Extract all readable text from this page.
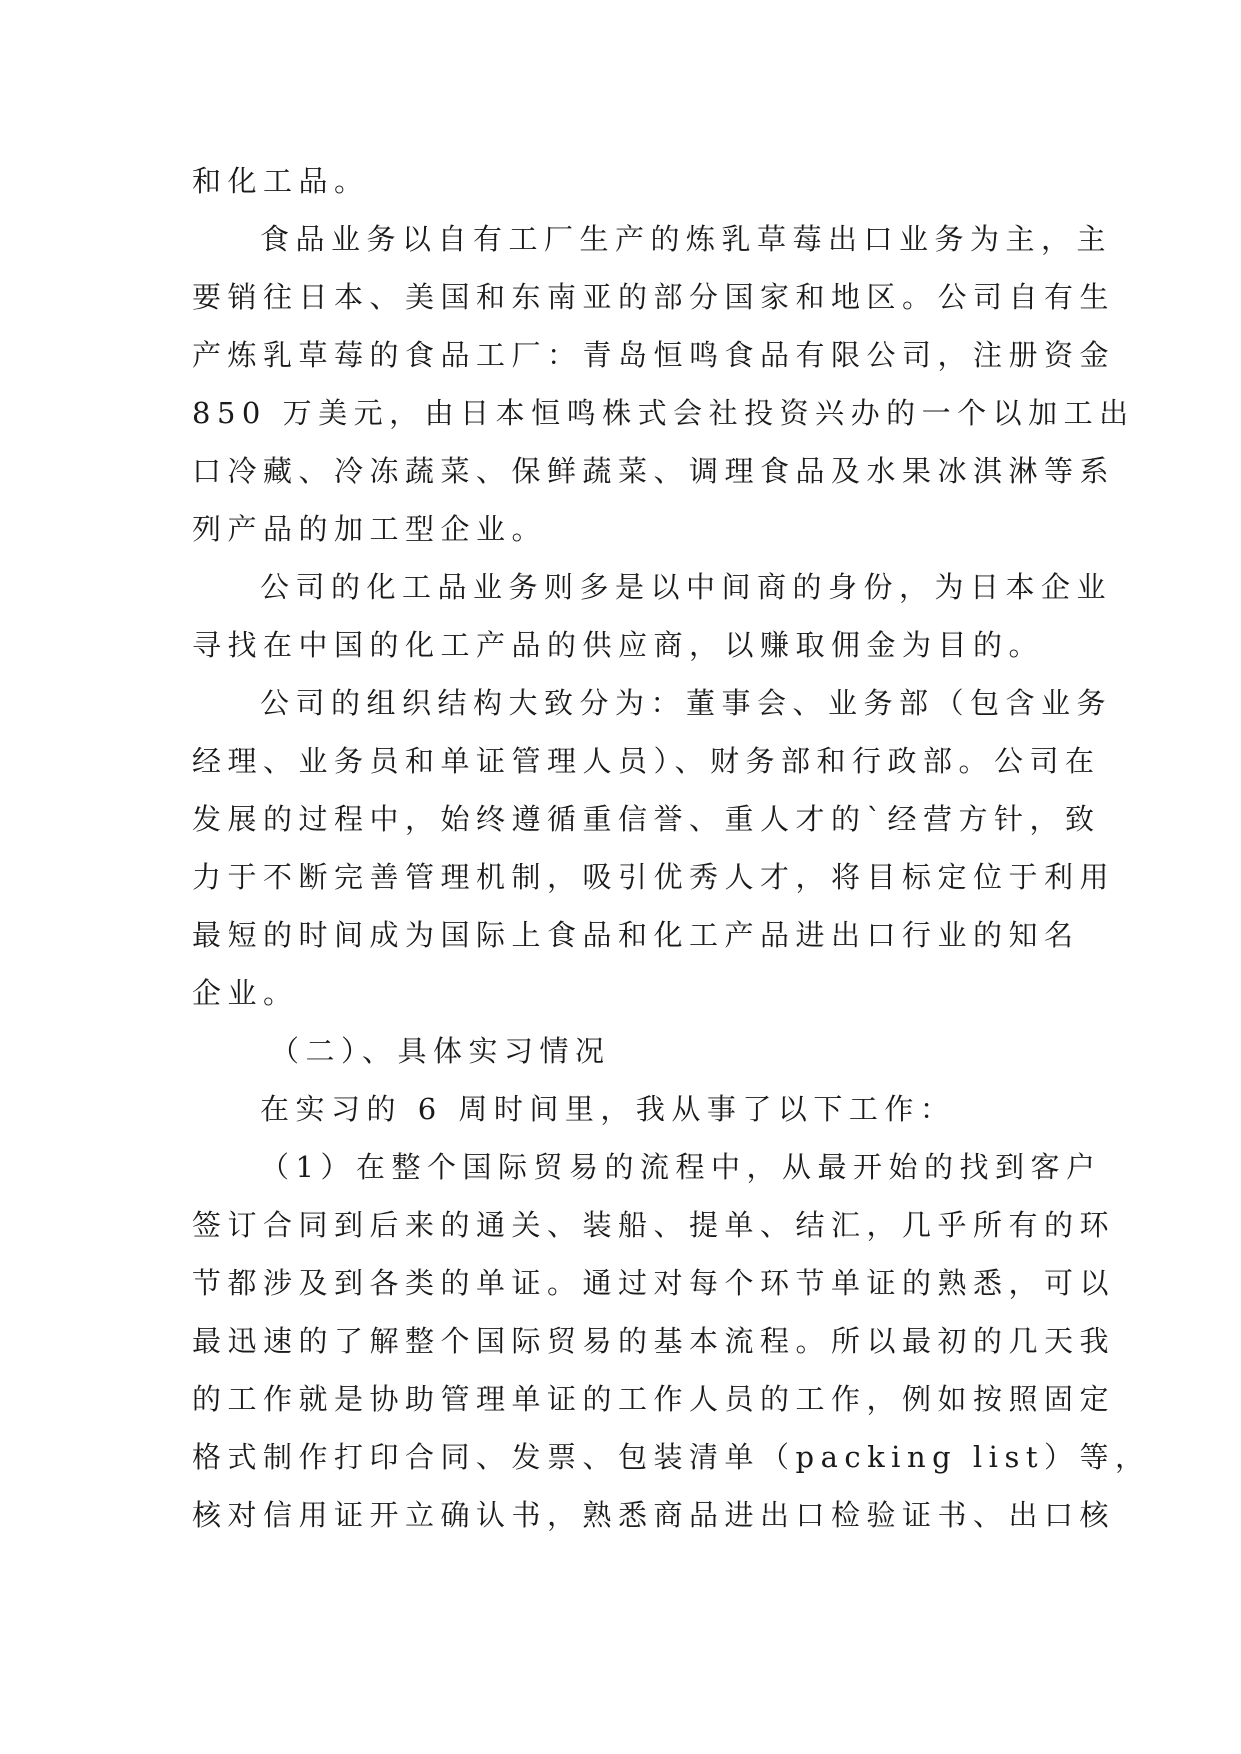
和化工品。
食品业务以自有工厂生产的炼乳草莓出口业务为主，主
要销往日本、美国和东南亚的部分国家和地区。公司自有生
产炼乳草莓的食品工厂：青岛恒鸣食品有限公司，注册资金
850 万美元，由日本恒鸣株式会社投资兴办的一个以加工出
口冷藏、冷冻蔬菜、保鲜蔬菜、调理食品及水果冰淇淋等系
列产品的加工型企业。
公司的化工品业务则多是以中间商的身份，为日本企业
寻找在中国的化工产品的供应商，以赚取佣金为目的。
公司的组织结构大致分为：董事会、业务部（包含业务
经理、业务员和单证管理人员）、财务部和行政部。公司在
发展的过程中，始终遵循重信誉、重人才的`经营方针，致
力于不断完善管理机制，吸引优秀人才，将目标定位于利用
最短的时间成为国际上食品和化工产品进出口行业的知名
企业。
（二）、具体实习情况
在实习的 6 周时间里，我从事了以下工作：
（1）在整个国际贸易的流程中，从最开始的找到客户
签订合同到后来的通关、装船、提单、结汇，几乎所有的环
节都涉及到各类的单证。通过对每个环节单证的熟悉，可以
最迅速的了解整个国际贸易的基本流程。所以最初的几天我
的工作就是协助管理单证的工作人员的工作，例如按照固定
格式制作打印合同、发票、包装清单（packing list）等，
核对信用证开立确认书，熟悉商品进出口检验证书、出口核
